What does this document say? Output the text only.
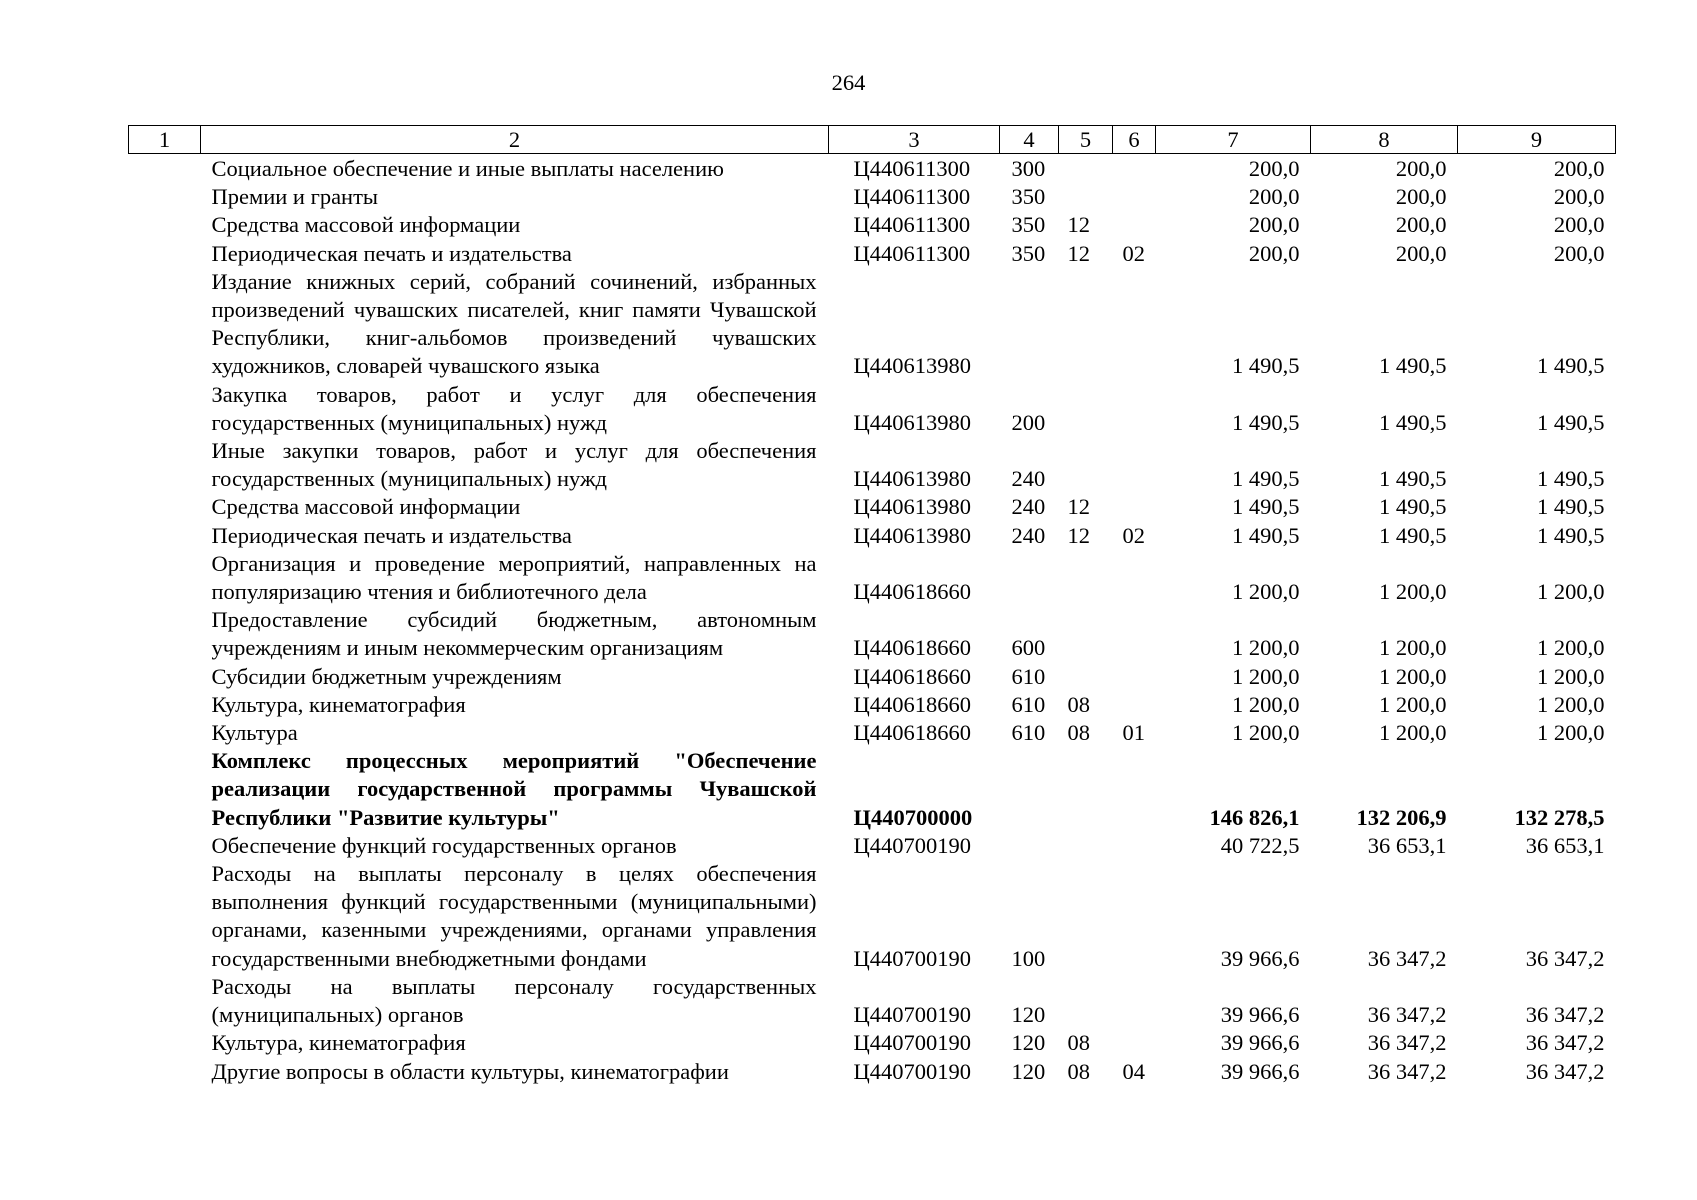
264
1	2	3	4	5	6	7	8	9
	Социальное обеспечение и иные выплаты населению	Ц440611300	300			200,0	200,0	200,0
	Премии и гранты	Ц440611300	350			200,0	200,0	200,0
	Средства массовой информации	Ц440611300	350	12		200,0	200,0	200,0
	Периодическая печать и издательства	Ц440611300	350	12	02	200,0	200,0	200,0
	Издание книжных серий, собраний сочинений, избранных произведений чувашских писателей, книг памяти Чувашской Республики, книг-альбомов произведений чувашских художников, словарей чувашского языка	Ц440613980				1 490,5	1 490,5	1 490,5
	Закупка товаров, работ и услуг для обеспечения государственных (муниципальных) нужд	Ц440613980	200			1 490,5	1 490,5	1 490,5
	Иные закупки товаров, работ и услуг для обеспечения государственных (муниципальных) нужд	Ц440613980	240			1 490,5	1 490,5	1 490,5
	Средства массовой информации	Ц440613980	240	12		1 490,5	1 490,5	1 490,5
	Периодическая печать и издательства	Ц440613980	240	12	02	1 490,5	1 490,5	1 490,5
	Организация и проведение мероприятий, направленных на популяризацию чтения и библиотечного дела	Ц440618660				1 200,0	1 200,0	1 200,0
	Предоставление субсидий бюджетным, автономным учреждениям и иным некоммерческим организациям	Ц440618660	600			1 200,0	1 200,0	1 200,0
	Субсидии бюджетным учреждениям	Ц440618660	610			1 200,0	1 200,0	1 200,0
	Культура, кинематография	Ц440618660	610	08		1 200,0	1 200,0	1 200,0
	Культура	Ц440618660	610	08	01	1 200,0	1 200,0	1 200,0
	Комплекс процессных мероприятий "Обеспечение реализации государственной программы Чувашской Республики "Развитие культуры"	Ц440700000				146 826,1	132 206,9	132 278,5
	Обеспечение функций государственных органов	Ц440700190				40 722,5	36 653,1	36 653,1
	Расходы на выплаты персоналу в целях обеспечения выполнения функций государственными (муниципальными) органами, казенными учреждениями, органами управления государственными внебюджетными фондами	Ц440700190	100			39 966,6	36 347,2	36 347,2
	Расходы на выплаты персоналу государственных (муниципальных) органов	Ц440700190	120			39 966,6	36 347,2	36 347,2
	Культура, кинематография	Ц440700190	120	08		39 966,6	36 347,2	36 347,2
	Другие вопросы в области культуры, кинематографии	Ц440700190	120	08	04	39 966,6	36 347,2	36 347,2
